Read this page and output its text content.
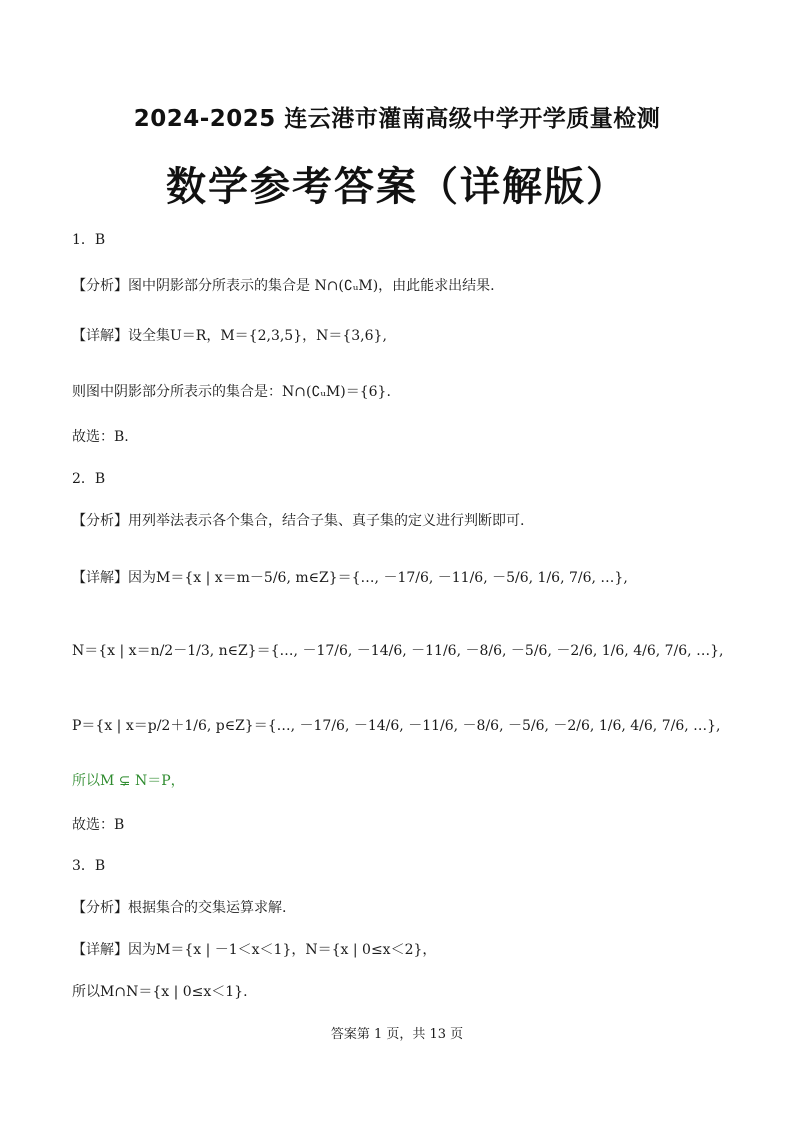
2024-2025 连云港市灌南高级中学开学质量检测
数学参考答案（详解版）
1．B
【分析】图中阴影部分所表示的集合是 N∩(∁ᵤM)，由此能求出结果.
【详解】设全集U＝R，M＝{2,3,5}，N＝{3,6},
则图中阴影部分所表示的集合是：N∩(∁ᵤM)＝{6}.
故选：B.
2．B
【分析】用列举法表示各个集合，结合子集、真子集的定义进行判断即可.
【详解】因为M＝{x | x＝m－5/6, m∈Z}＝{…, －17/6, －11/6, －5/6, 1/6, 7/6, …},
N＝{x | x＝n/2－1/3, n∈Z}＝{…, －17/6, －14/6, －11/6, －8/6, －5/6, －2/6, 1/6, 4/6, 7/6, …},
P＝{x | x＝p/2＋1/6, p∈Z}＝{…, －17/6, －14/6, －11/6, －8/6, －5/6, －2/6, 1/6, 4/6, 7/6, …},
所以M ⊊ N＝P，
故选：B
3．B
【分析】根据集合的交集运算求解.
【详解】因为M＝{x | －1＜x＜1}，N＝{x | 0≤x＜2}，
所以M∩N＝{x | 0≤x＜1}.
答案第 1 页，共 13 页
